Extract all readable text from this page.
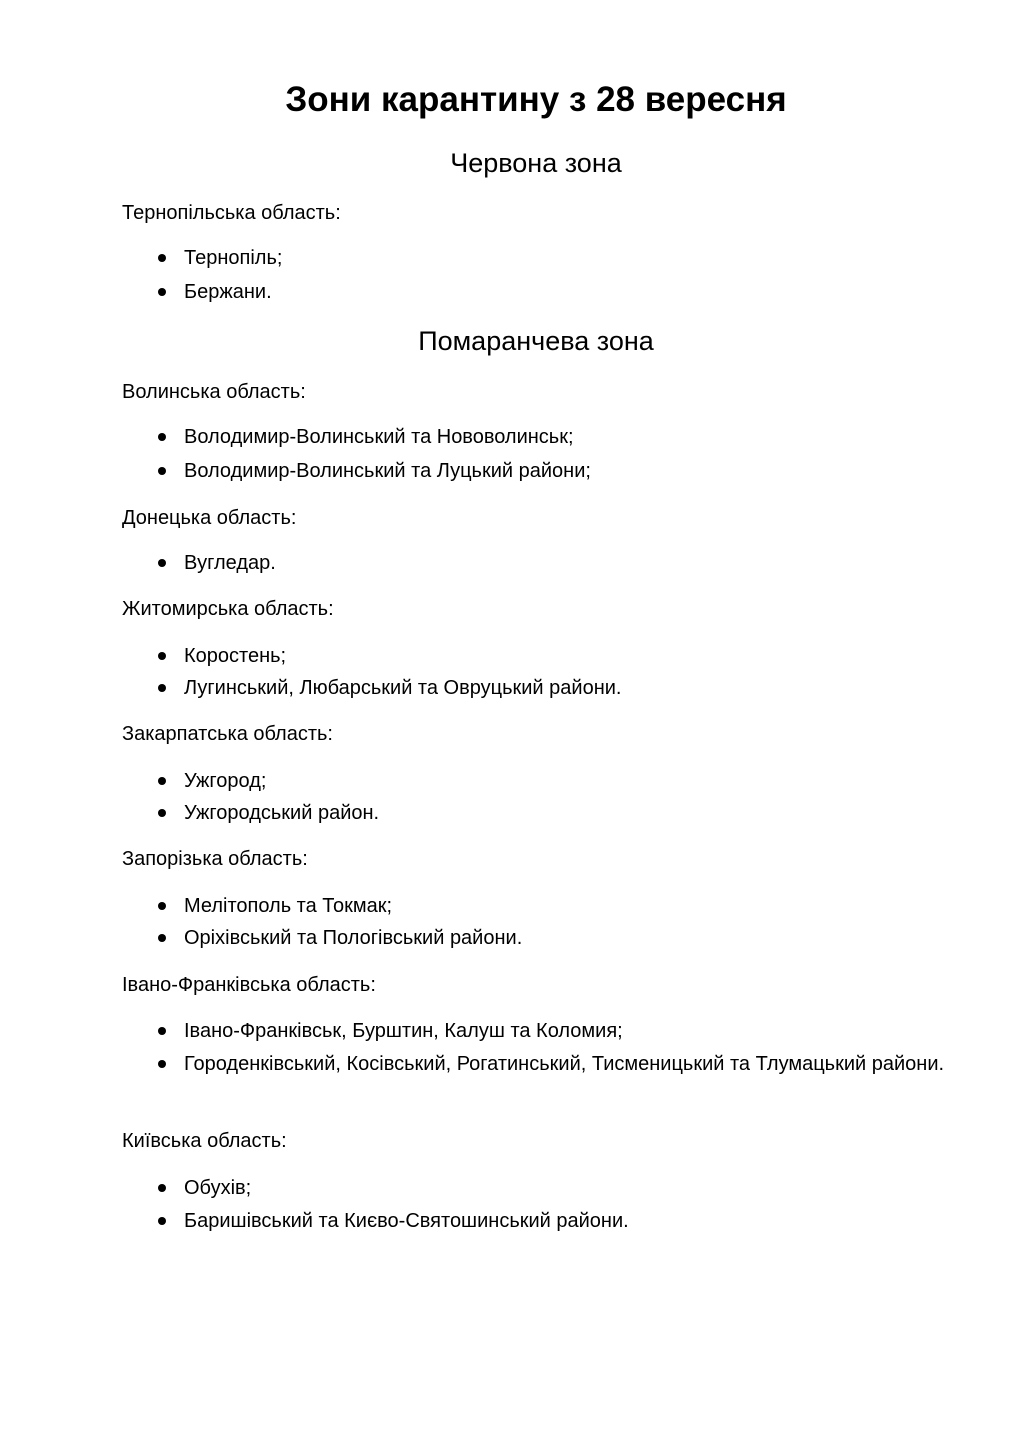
Зони карантину з 28 вересня
Червона зона

Тернопільська область:

Тернопіль;
Бержани.
Помаранчева зона

Волинська область:

Володимир-Волинський та Нововолинськ;
Володимир-Волинський та Луцький райони;

Донецька область:

Вугледар.

Житомирська область:

Коростень;
Лугинський, Любарський та Овруцький райони.

Закарпатська область:

Ужгород;
Ужгородський район.

Запорізька область:

Мелітополь та Токмак;
Оріхівський та Пологівський райони.

Івано-Франківська область:

Івано-Франківськ, Бурштин, Калуш та Коломия;
Городенківський, Косівський, Рогатинський, Тисменицький та Тлумацький райони.

Київська область:

Обухів;
Баришівський та Києво-Святошинський райони.
